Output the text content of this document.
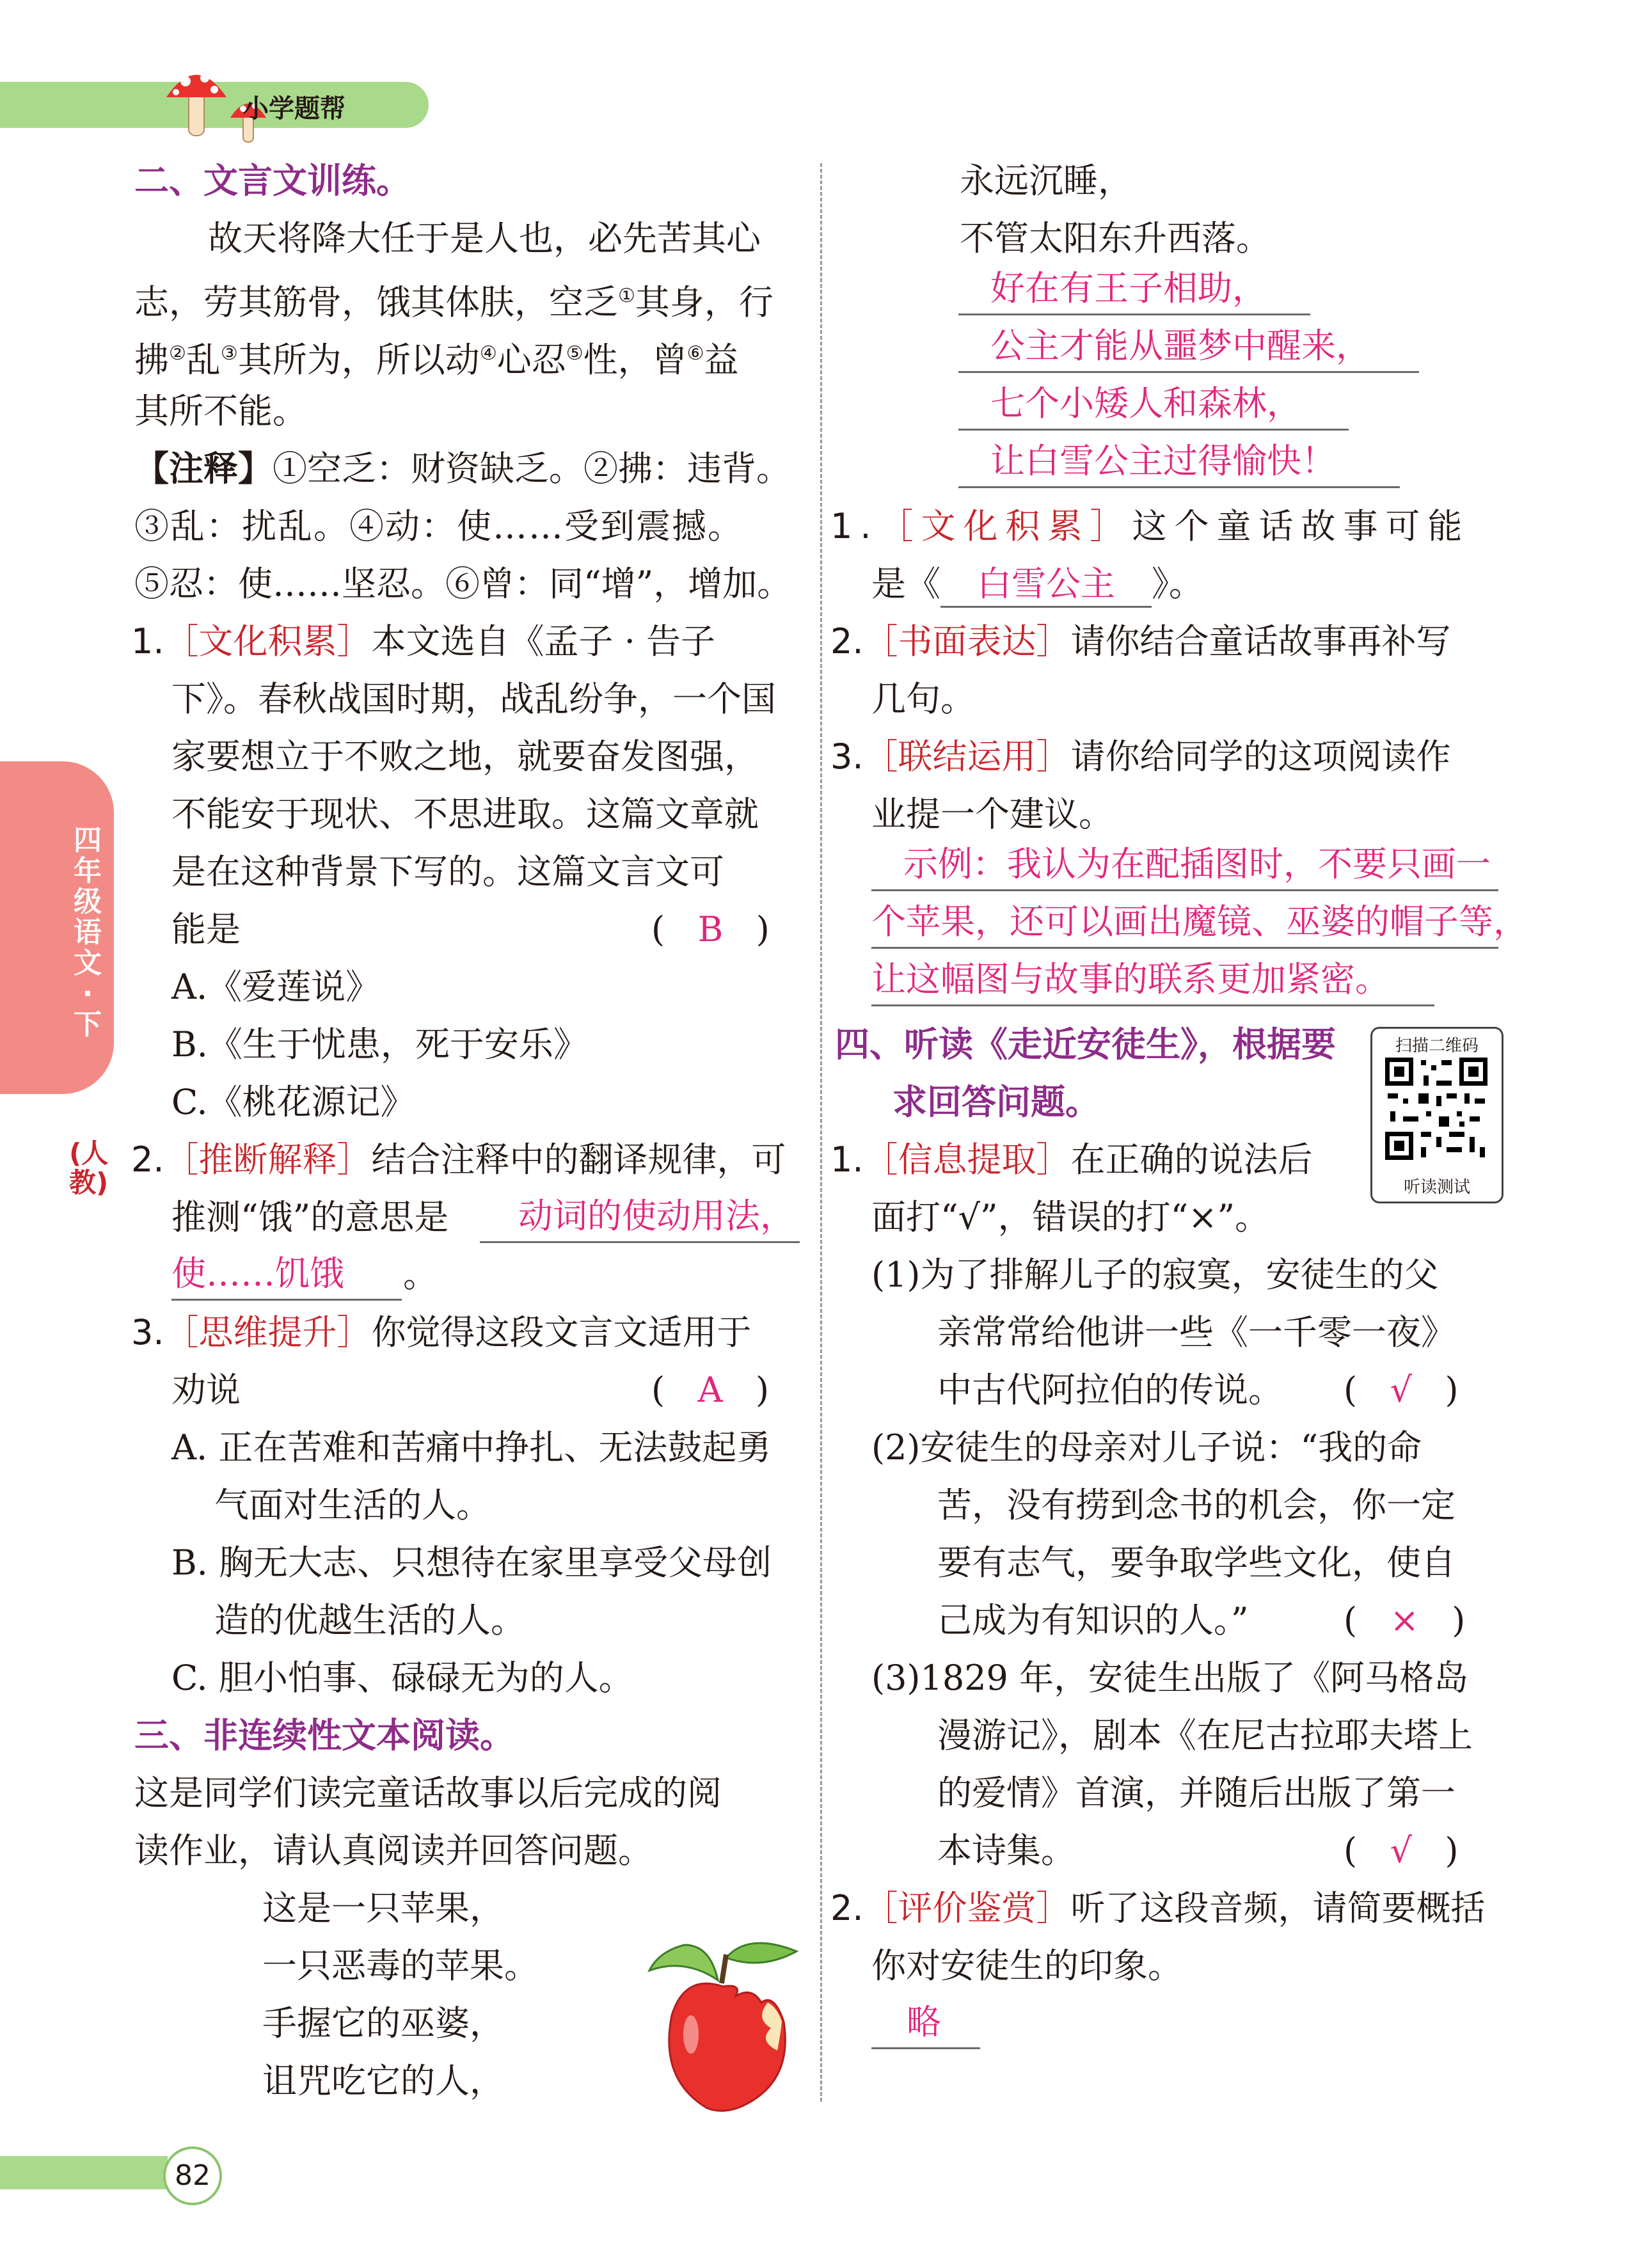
小学题帮
四年级语文·下
(人教)
二、文言文训练。
故天将降大任于是人也，必先苦其心
志，劳其筋骨，饿其体肤，空乏①其身，行
拂②乱③其所为，所以动④心忍⑤性，曾⑥益
其所不能。
【注释】①空乏：财资缺乏。②拂：违背。
③乱：扰乱。④动：使……受到震撼。
⑤忍：使……坚忍。⑥曾：同“增”，增加。
1.［文化积累］本文选自《孟子 · 告子
下》。春秋战国时期，战乱纷争，一个国
家要想立于不败之地，就要奋发图强，
不能安于现状、不思进取。这篇文章就
是在这种背景下写的。这篇文言文可
能是	(   B   )
A.《爱莲说》
B.《生于忧患，死于安乐》
C.《桃花源记》
2.［推断解释］结合注释中的翻译规律，可
推测“饿”的意思是	动词的使动用法，
使……饥饿	。
3.［思维提升］你觉得这段文言文适用于
劝说	(   A   )
A. 正在苦难和苦痛中挣扎、无法鼓起勇
气面对生活的人。
B. 胸无大志、只想待在家里享受父母创
造的优越生活的人。
C. 胆小怕事、碌碌无为的人。
三、非连续性文本阅读。
这是同学们读完童话故事以后完成的阅
读作业，请认真阅读并回答问题。
这是一只苹果，
一只恶毒的苹果。
手握它的巫婆，
诅咒吃它的人，
永远沉睡，
不管太阳东升西落。
好在有王子相助，
公主才能从噩梦中醒来，
七个小矮人和森林，
让白雪公主过得愉快！
1.［文化积累］这个童话故事可能
是《 白雪公主 》。
2.［书面表达］请你结合童话故事再补写
几句。
3.［联结运用］请你给同学的这项阅读作
业提一个建议。
示例：我认为在配插图时，不要只画一
个苹果，还可以画出魔镜、巫婆的帽子等，
让这幅图与故事的联系更加紧密。
四、听读《走近安徒生》，根据要
求回答问题。
扫描二维码
听读测试
1.［信息提取］在正确的说法后
面打“√”，错误的打“×”。
(1)为了排解儿子的寂寞，安徒生的父
亲常常给他讲一些《一千零一夜》
中古代阿拉伯的传说。 (   √   )
(2)安徒生的母亲对儿子说：“我的命
苦，没有捞到念书的机会，你一定
要有志气，要争取学些文化，使自
己成为有知识的人。”	(   ×   )
(3)1829 年，安徒生出版了《阿马格岛
漫游记》，剧本《在尼古拉耶夫塔上
的爱情》首演，并随后出版了第一
本诗集。	(   √   )
2.［评价鉴赏］听了这段音频，请简要概括
你对安徒生的印象。
略
82
